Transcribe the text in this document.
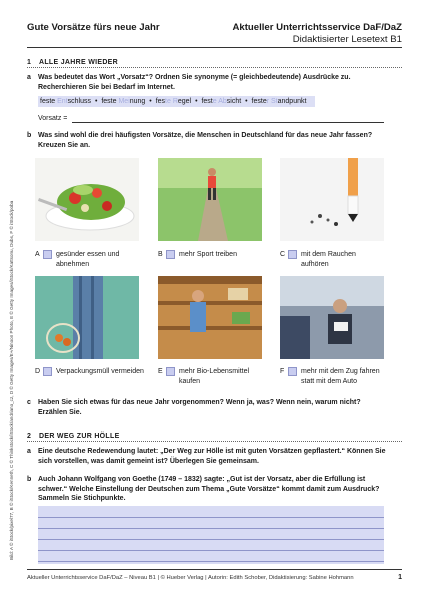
Gute Vorsätze fürs neue Jahr	Aktueller Unterrichtsservice DaF/DaZ
Didaktisierter Lesetext B1
1 ALLE JAHRE WIEDER
a Was bedeutet das Wort „Vorsatz“? Ordnen Sie synonyme (= gleichbedeutende) Ausdrücke zu. Recherchieren Sie bei Bedarf im Internet.
feste Entschluss • feste Meinung • feste Regel • feste Absicht • fester Standpunkt
Vorsatz =
b Was sind wohl die drei häufigsten Vorsätze, die Menschen in Deutschland für das neue Jahr fassen? Kreuzen Sie an.
A gesünder essen und abnehmen
B mehr Sport treiben	C mit dem Rauchen aufhören
D Verpackungsmüll vermeiden E mehr Bio-Lebensmittel kaufen
F mehr mit dem Zug fahren statt mit dem Auto
c Haben Sie sich etwas für das neue Jahr vorgenommen? Wenn ja, was? Wenn nein, warum nicht? Erzählen Sie.
2 DER WEG ZUR HÖLLE
a Eine deutsche Redewendung lautet: „Der Weg zur Hölle ist mit guten Vorsätzen gepflastert.“ Können Sie sich vorstellen, was damit gemeint ist? Überlegen Sie gemeinsam.
b Auch Johann Wolfgang von Goethe (1749 – 1832) sagte: „Gut ist der Vorsatz, aber die Erfüllung ist schwer.“ Welche Einstellung der Deutschen zum Thema „Gute Vorsätze“ kommt damit zum Ausdruck? Sammeln Sie Stichpunkte.
Bild: A © iStock/pixel77, B © iStock/Kenneth, C © Thinkstock/iStock/andriano_cz, D © Getty Images/E+/Ninoon Photo, E © Getty Images/iStock/Kattsonu, Dubs, F © iStock/poba
Aktueller Unterrichtsservice DaF/DaZ – Niveau B1 | © Hueber Verlag | Autorin: Edith Schober, Didaktisierung: Sabine Hohmann	1
